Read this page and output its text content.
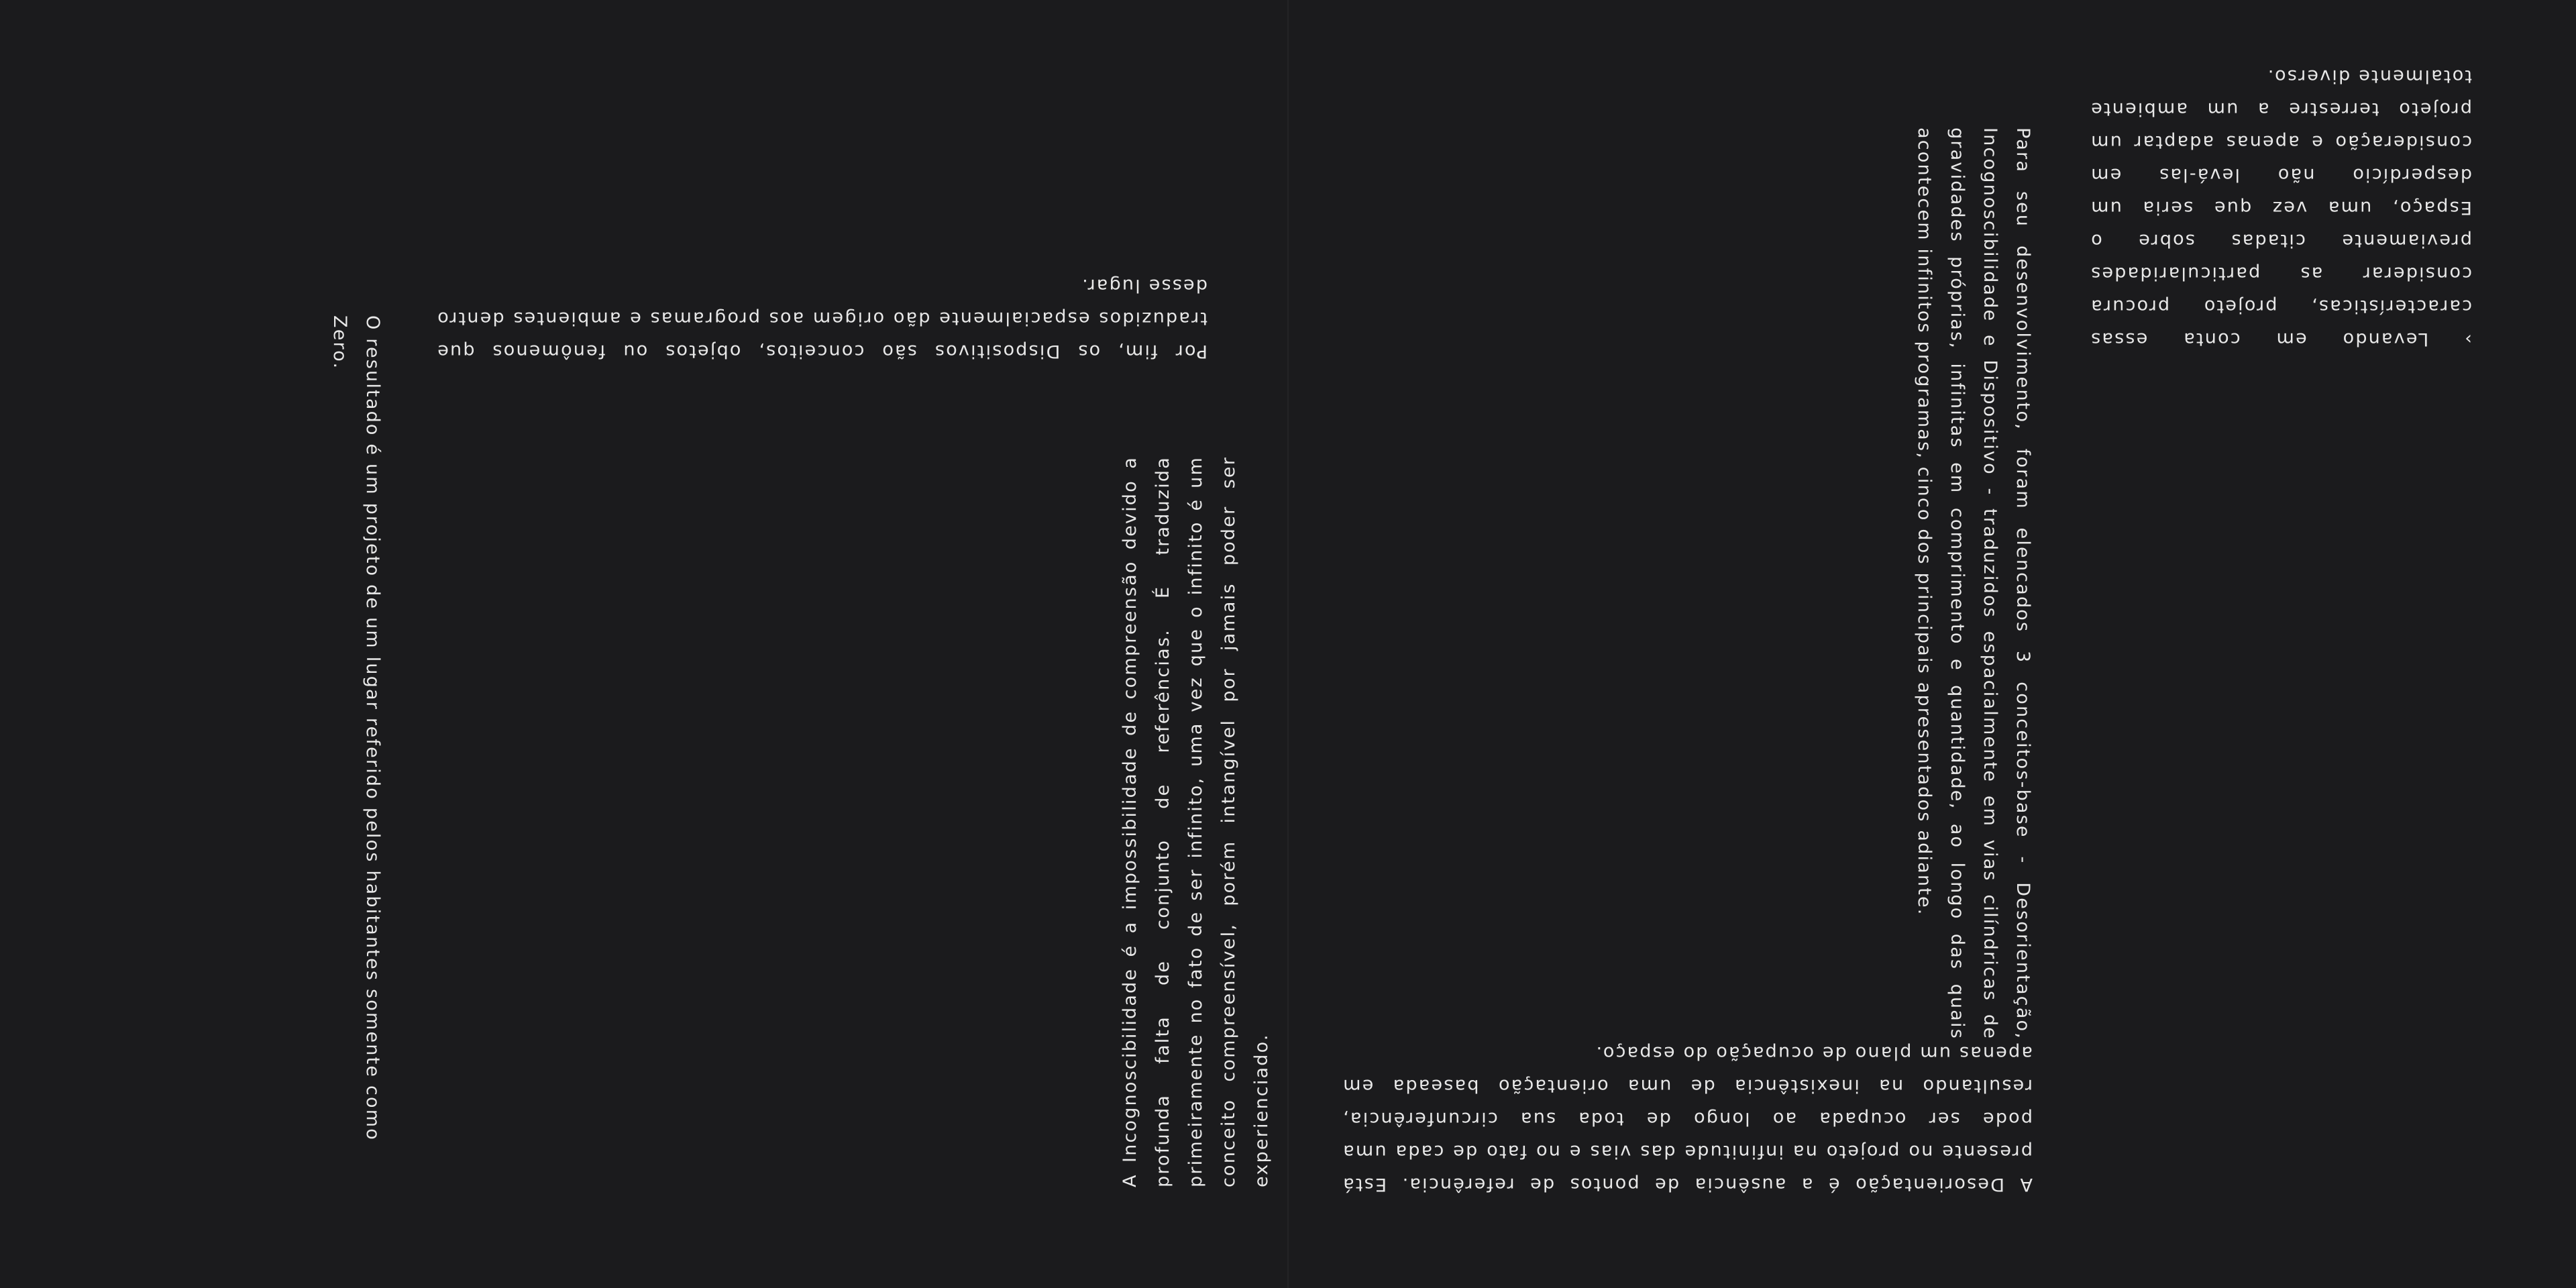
O resultado é um projeto de um lugar referido pelos habitantes somente como Zero.

A Incognoscibilidade é a impossibilidade de compreensão devido a profunda falta de conjunto de referências. É traduzida primeiramente no fato de ser infinito, uma vez que o infinito é um conceito compreensível, porém intangível por jamais poder ser experienciado.

Por fim, os Dispositivos são conceitos, objetos ou fenômenos que traduzidos espacialmente dão origem aos programas e ambientes dentro desse lugar.

A Desorientação é a ausência de pontos de referência. Está presente no projeto na infinitude das vias e no fato de cada uma pode ser ocupada ao longo de toda sua circunferência, resultando na inexistência de uma orientação baseada em apenas um plano de ocupação do espaço.

Para seu desenvolvimento, foram elencados 3 conceitos-base - Desorientação, Incognoscibilidade e Dispositivo - traduzidos espacialmente em vias cilíndricas de gravidades próprias, infinitas em comprimento e quantidade, ao longo das quais acontecem infinitos programas, cinco dos principais apresentados adiante.	› Levando em conta essas características, projeto procura considerar as particularidades previamente citadas sobre o Espaço, uma vez que seria um desperdício não levá-las em consideração e apenas adaptar um projeto terrestre a um ambiente totalmente diverso.
